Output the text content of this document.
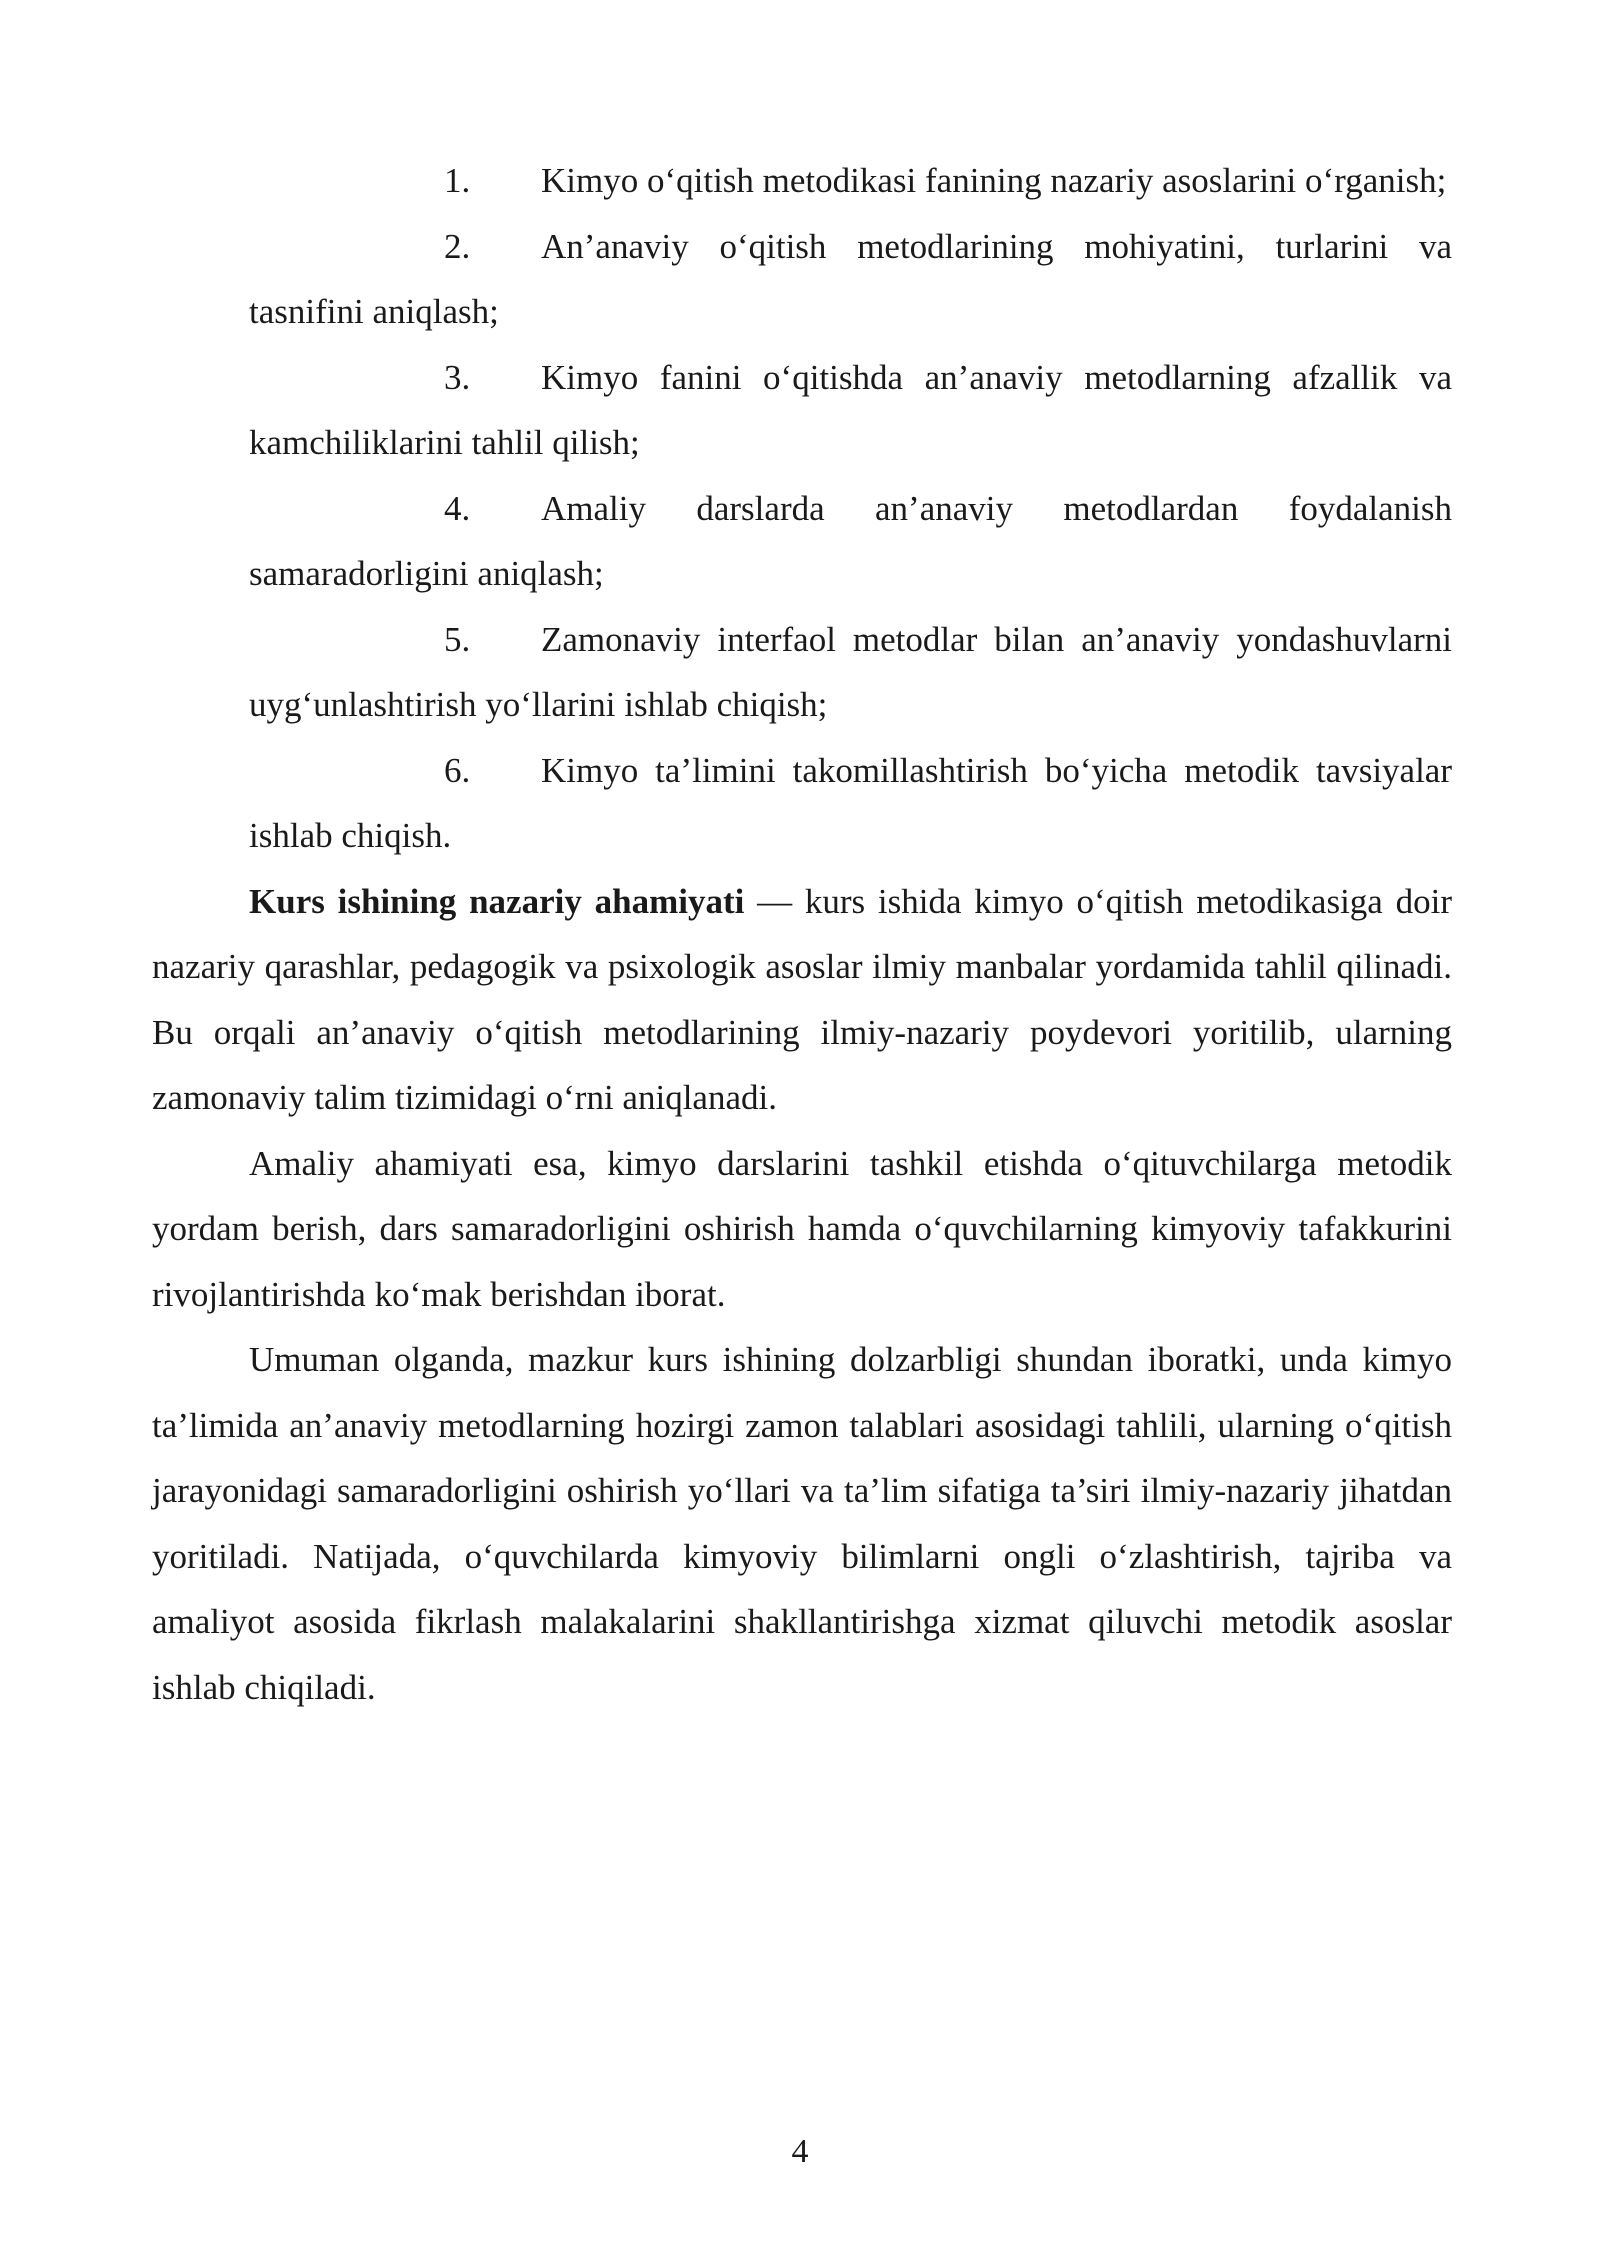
1. Kimyo o‘qitish metodikasi fanining nazariy asoslarini o‘rganish;
2. An’anaviy o‘qitish metodlarining mohiyatini, turlarini va tasnifini aniqlash;
3. Kimyo fanini o‘qitishda an’anaviy metodlarning afzallik va kamchiliklarini tahlil qilish;
4. Amaliy darslarda an’anaviy metodlardan foydalanish samaradorligini aniqlash;
5. Zamonaviy interfaol metodlar bilan an’anaviy yondashuvlarni uyg‘unlashtirish yo‘llarini ishlab chiqish;
6. Kimyo ta’limini takomillashtirish bo‘yicha metodik tavsiyalar ishlab chiqish.

Kurs ishining nazariy ahamiyati — kurs ishida kimyo o‘qitish metodikasiga doir nazariy qarashlar, pedagogik va psixologik asoslar ilmiy manbalar yordamida tahlil qilinadi. Bu orqali an’anaviy o‘qitish metodlarining ilmiy-nazariy poydevori yoritilib, ularning zamonaviy talim tizimidagi o‘rni aniqlanadi.

Amaliy ahamiyati esa, kimyo darslarini tashkil etishda o‘qituvchilarga metodik yordam berish, dars samaradorligini oshirish hamda o‘quvchilarning kimyoviy tafakkurini rivojlantirishda ko‘mak berishdan iborat.

Umuman olganda, mazkur kurs ishining dolzarbligi shundan iboratki, unda kimyo ta’limida an’anaviy metodlarning hozirgi zamon talablari asosidagi tahlili, ularning o‘qitish jarayonidagi samaradorligini oshirish yo‘llari va ta’lim sifatiga ta’siri ilmiy-nazariy jihatdan yoritiladi. Natijada, o‘quvchilarda kimyoviy bilimlarni ongli o‘zlashtirish, tajriba va amaliyot asosida fikrlash malakalarini shakllantirishga xizmat qiluvchi metodik asoslar ishlab chiqiladi.

4
